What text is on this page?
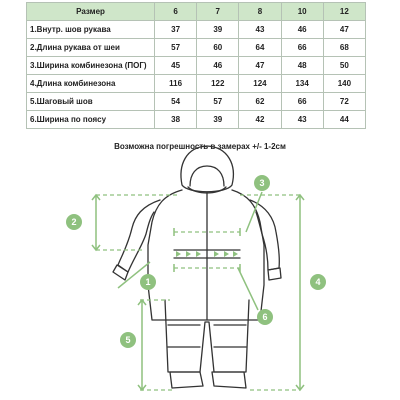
Размер	6	7	8	10	12
1.Внутр. шов рукава	37	39	43	46	47
2.Длина рукава от шеи	57	60	64	66	68
3.Ширина комбинезона (ПОГ)	45	46	47	48	50
4.Длина комбинезона	116	122	124	134	140
5.Шаговый шов	54	57	62	66	72
6.Ширина по поясу	38	39	42	43	44
Возможна погрешность в замерах +/- 1-2см
1
2
3
4
5
6
